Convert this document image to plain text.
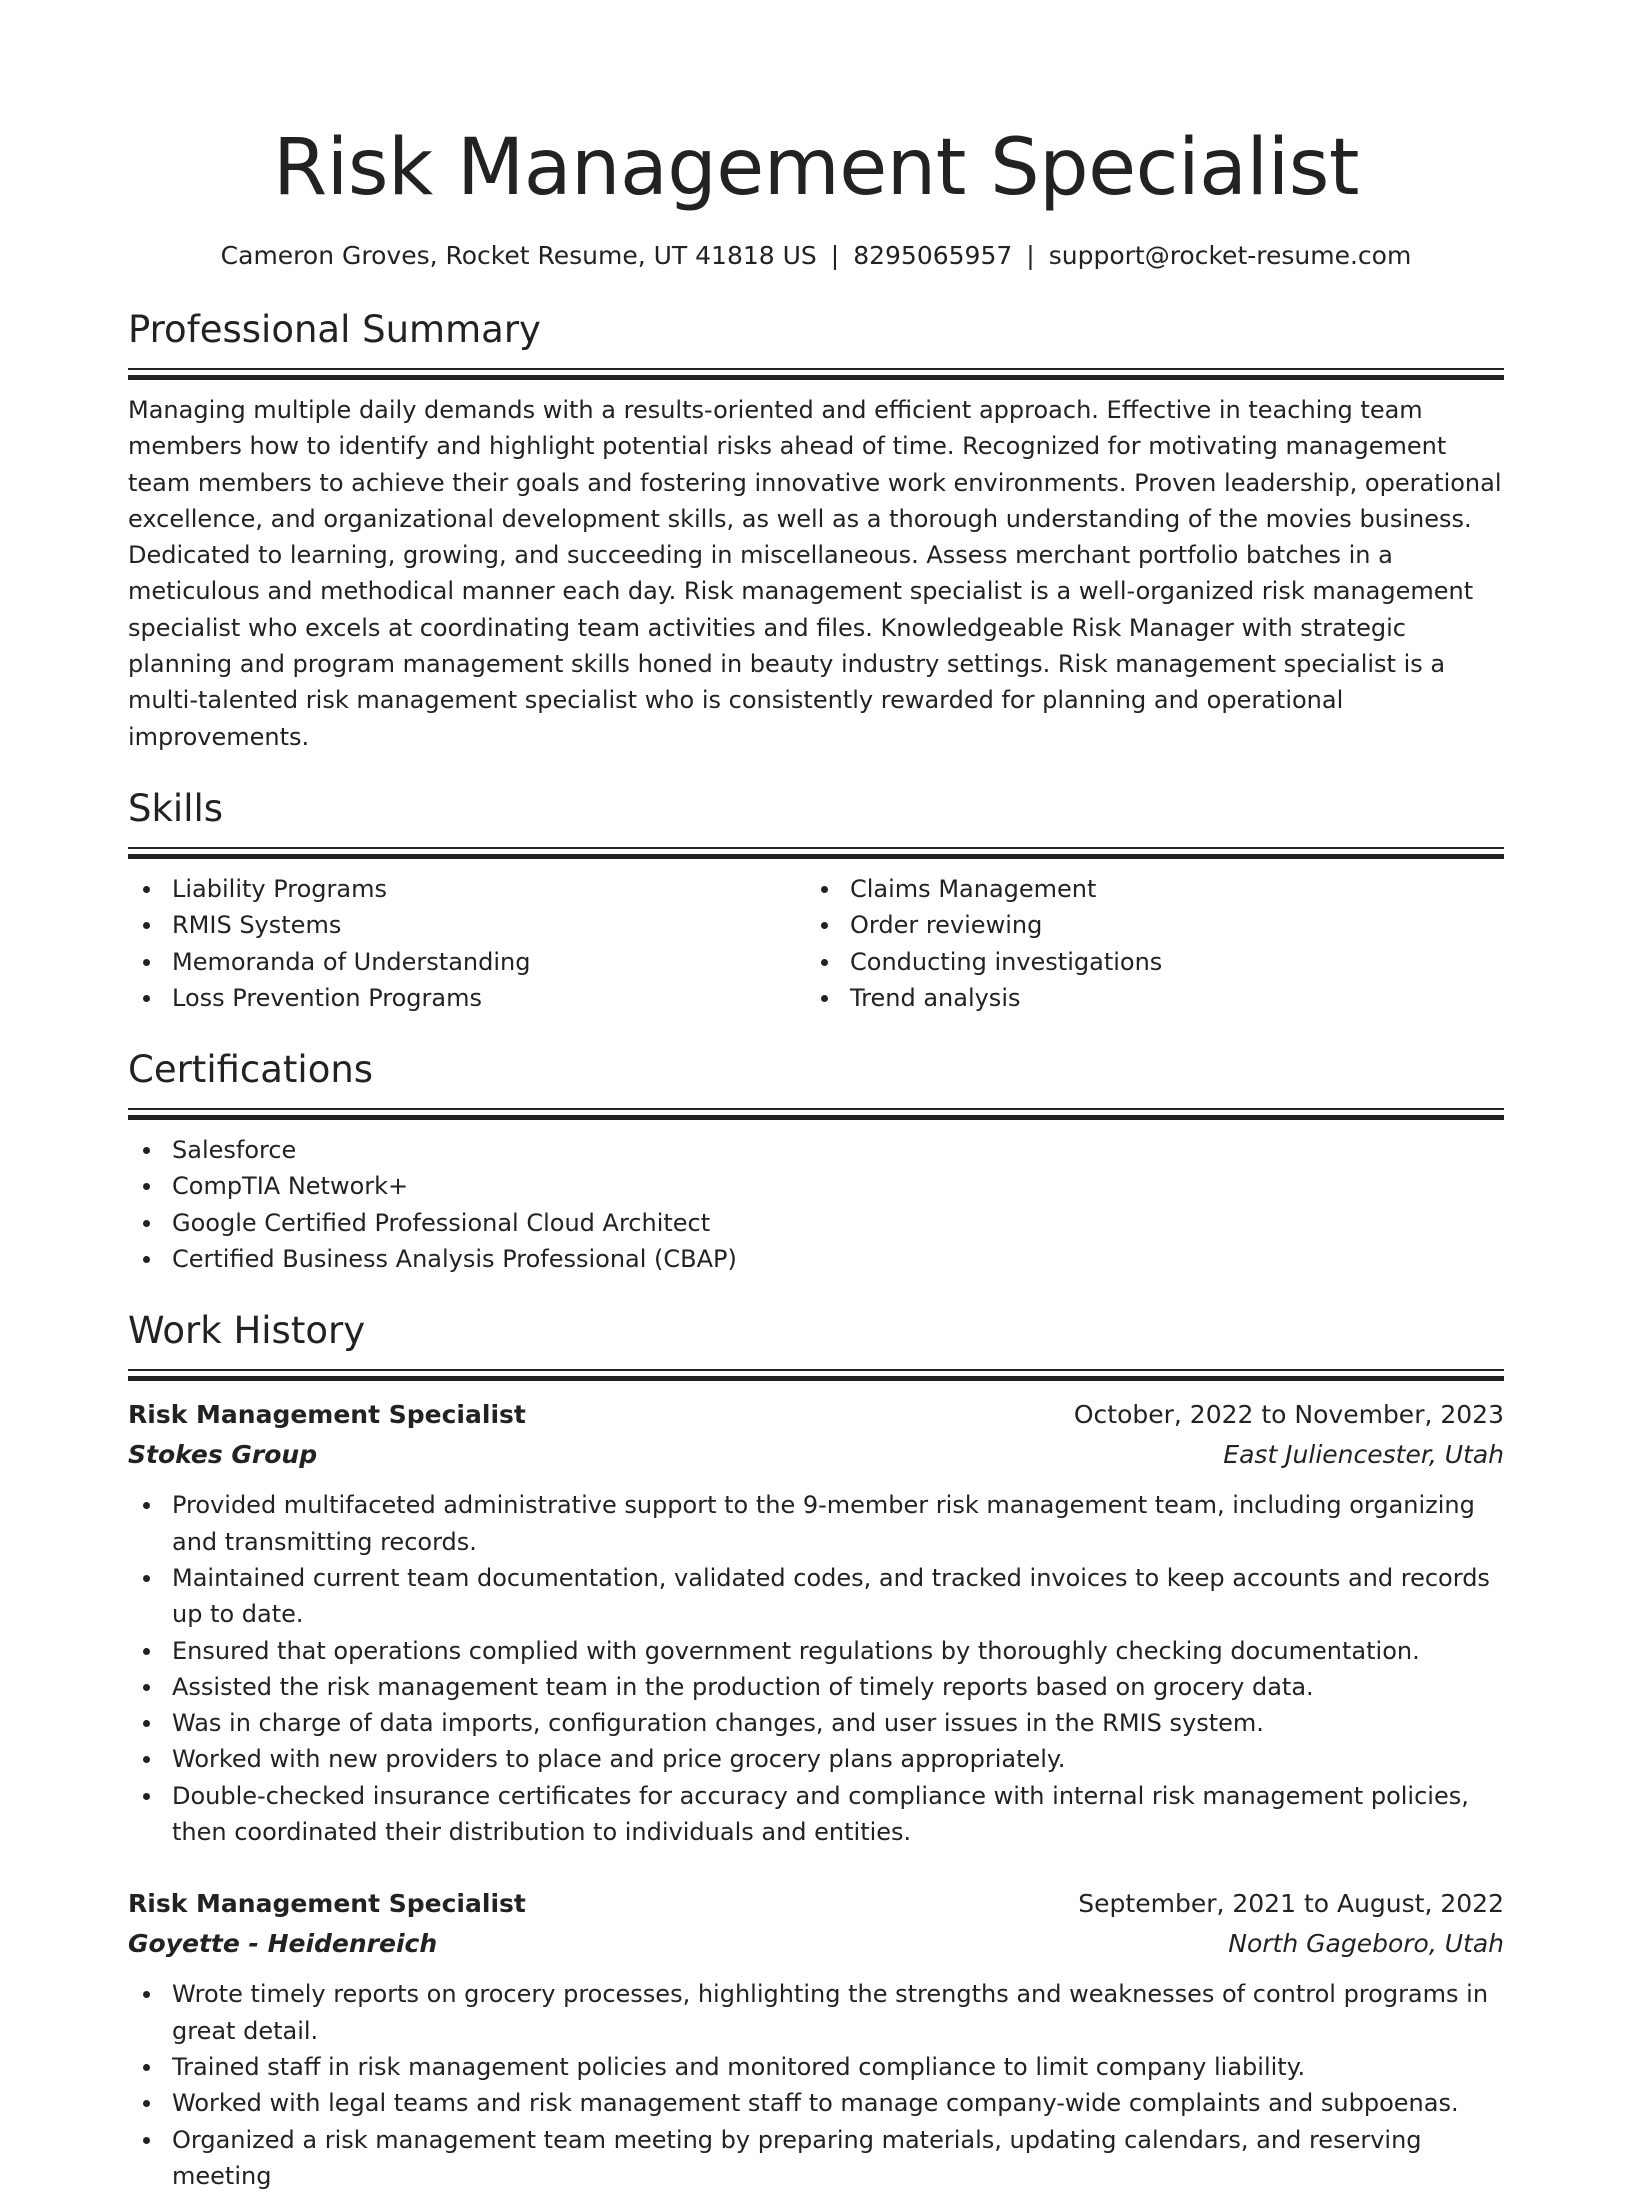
Risk Management Specialist
Cameron Groves, Rocket Resume, UT 41818 US | 8295065957 | support@rocket-resume.com
Professional Summary
Managing multiple daily demands with a results-oriented and efficient approach. Effective in teaching team members how to identify and highlight potential risks ahead of time. Recognized for motivating management team members to achieve their goals and fostering innovative work environments. Proven leadership, operational excellence, and organizational development skills, as well as a thorough understanding of the movies business. Dedicated to learning, growing, and succeeding in miscellaneous. Assess merchant portfolio batches in a meticulous and methodical manner each day. Risk management specialist is a well-organized risk management specialist who excels at coordinating team activities and files. Knowledgeable Risk Manager with strategic planning and program management skills honed in beauty industry settings. Risk management specialist is a multi-talented risk management specialist who is consistently rewarded for planning and operational improvements.
Skills
Liability Programs
RMIS Systems
Memoranda of Understanding
Loss Prevention Programs
Claims Management
Order reviewing
Conducting investigations
Trend analysis
Certifications
Salesforce
CompTIA Network+
Google Certified Professional Cloud Architect
Certified Business Analysis Professional (CBAP)
Work History
Risk Management Specialist	October, 2022 to November, 2023
Stokes Group	East Juliencester, Utah
Provided multifaceted administrative support to the 9-member risk management team, including organizing and transmitting records.
Maintained current team documentation, validated codes, and tracked invoices to keep accounts and records up to date.
Ensured that operations complied with government regulations by thoroughly checking documentation.
Assisted the risk management team in the production of timely reports based on grocery data.
Was in charge of data imports, configuration changes, and user issues in the RMIS system.
Worked with new providers to place and price grocery plans appropriately.
Double-checked insurance certificates for accuracy and compliance with internal risk management policies, then coordinated their distribution to individuals and entities.
Risk Management Specialist	September, 2021 to August, 2022
Goyette - Heidenreich	North Gageboro, Utah
Wrote timely reports on grocery processes, highlighting the strengths and weaknesses of control programs in great detail.
Trained staff in risk management policies and monitored compliance to limit company liability.
Worked with legal teams and risk management staff to manage company-wide complaints and subpoenas.
Organized a risk management team meeting by preparing materials, updating calendars, and reserving meeting
